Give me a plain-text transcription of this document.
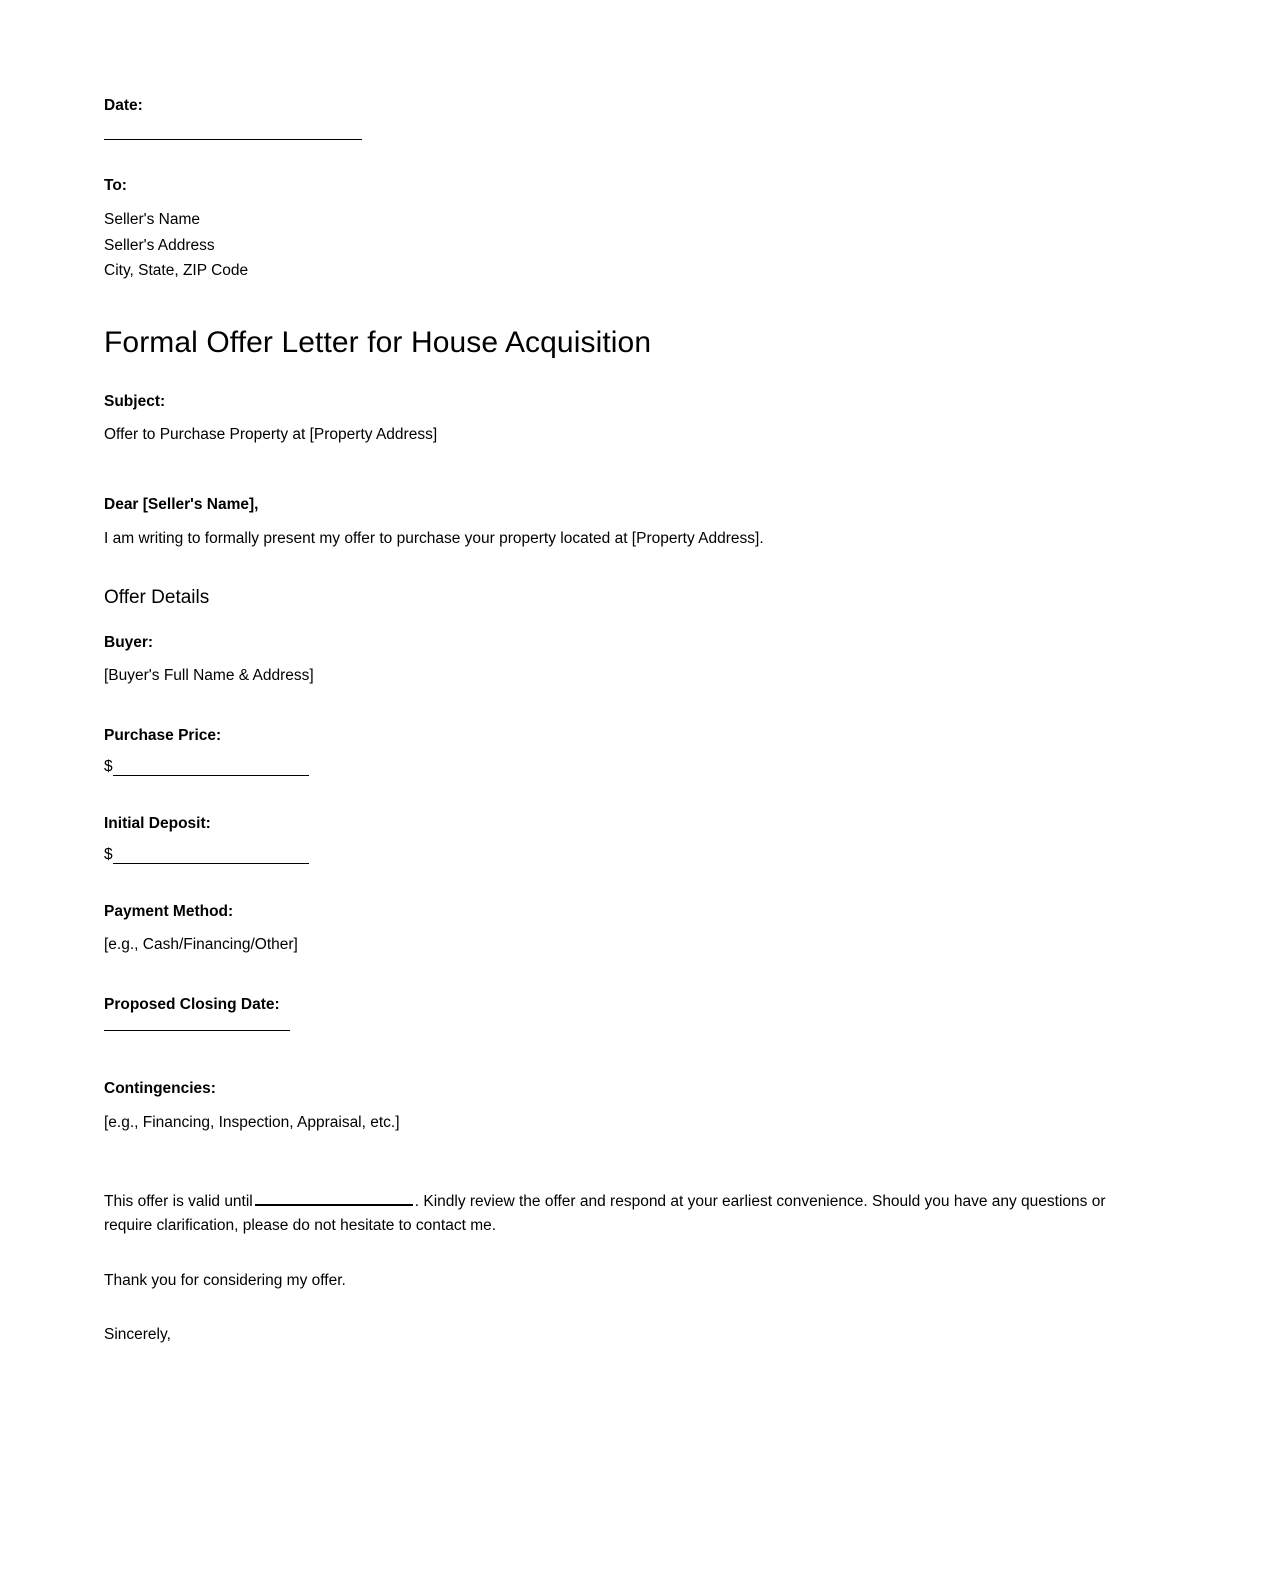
Date:
To:
Seller's Name
Seller's Address
City, State, ZIP Code
Formal Offer Letter for House Acquisition
Subject:
Offer to Purchase Property at [Property Address]
Dear [Seller's Name],
I am writing to formally present my offer to purchase your property located at [Property Address].
Offer Details
Buyer:
[Buyer's Full Name & Address]
Purchase Price:
$
Initial Deposit:
$
Payment Method:
[e.g., Cash/Financing/Other]
Proposed Closing Date:
Contingencies:
[e.g., Financing, Inspection, Appraisal, etc.]

This offer is valid until	. Kindly review the offer and respond at your earliest convenience. Should you have any questions or require clarification, please do not hesitate to contact me.

Thank you for considering my offer.

Sincerely,
